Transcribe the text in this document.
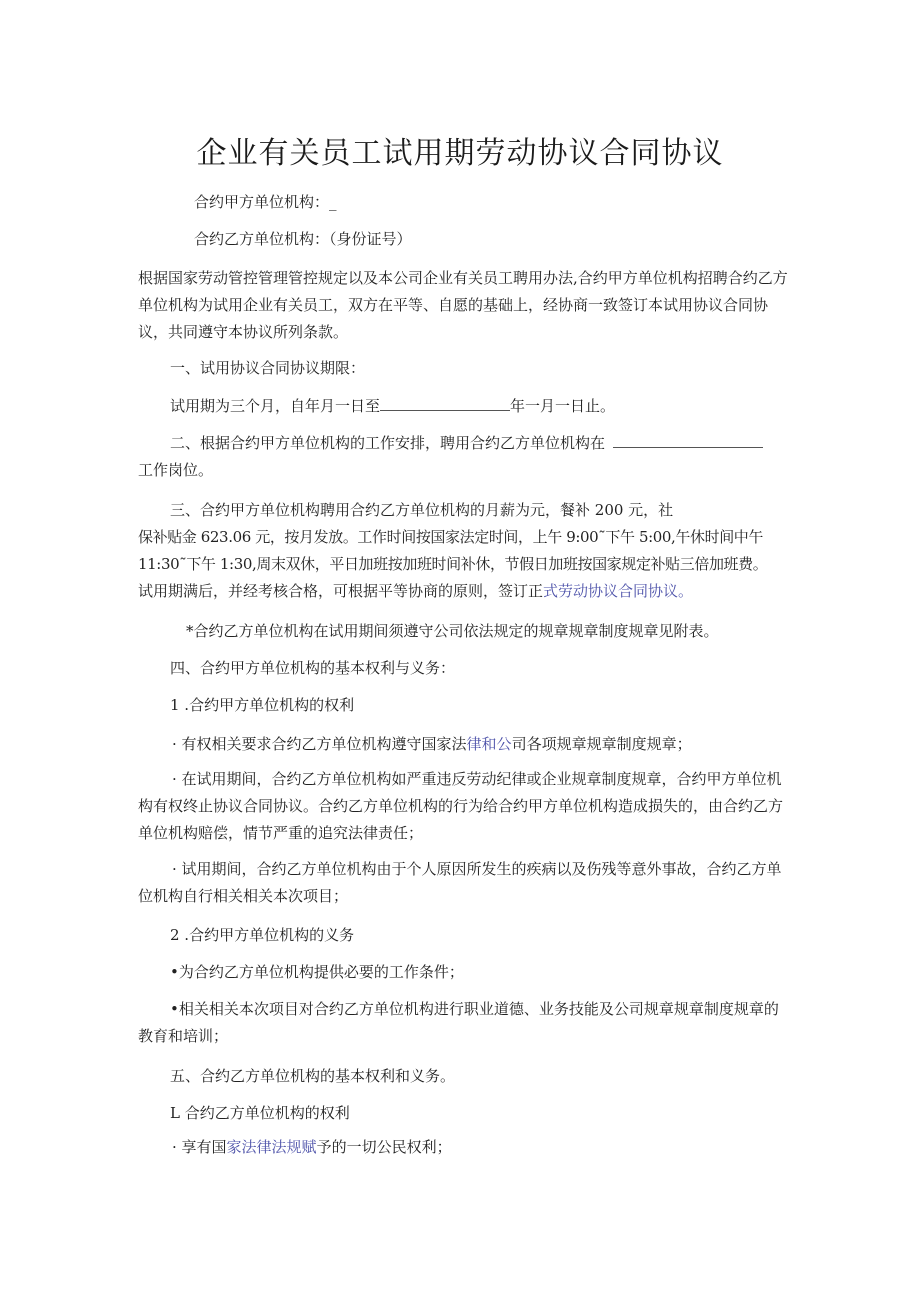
企业有关员工试用期劳动协议合同协议
合约甲方单位机构：_
合约乙方单位机构：（身份证号）
根据国家劳动管控管理管控规定以及本公司企业有关员工聘用办法,合约甲方单位机构招聘合约乙方单位机构为试用企业有关员工，双方在平等、自愿的基础上，经协商一致签订本试用协议合同协议，共同遵守本协议所列条款。
一、试用协议合同协议期限：
试用期为三个月，自年月一日至	年一月一日止。
二、根据合约甲方单位机构的工作安排，聘用合约乙方单位机构在
工作岗位。
三、合约甲方单位机构聘用合约乙方单位机构的月薪为元，餐补 200 元，社
保补贴金 623.06 元，按月发放。工作时间按国家法定时间，上午 9:00˜下午 5:00,午休时间中午
11:30˜下午 1:30,周末双休，平日加班按加班时间补休，节假日加班按国家规定补贴三倍加班费。
试用期满后，并经考核合格，可根据平等协商的原则，签订正式劳动协议合同协议。
*合约乙方单位机构在试用期间须遵守公司依法规定的规章规章制度规章见附表。
四、合约甲方单位机构的基本权利与义务：
1 .合约甲方单位机构的权利
· 有权相关要求合约乙方单位机构遵守国家法律和公司各项规章规章制度规章；
· 在试用期间，合约乙方单位机构如严重违反劳动纪律或企业规章制度规章，合约甲方单位机构有权终止协议合同协议。合约乙方单位机构的行为给合约甲方单位机构造成损失的，由合约乙方单位机构赔偿，情节严重的追究法律责任；
· 试用期间，合约乙方单位机构由于个人原因所发生的疾病以及伤残等意外事故，合约乙方单位机构自行相关相关本次项目；
2 .合约甲方单位机构的义务
•为合约乙方单位机构提供必要的工作条件；
•相关相关本次项目对合约乙方单位机构进行职业道德、业务技能及公司规章规章制度规章的教育和培训；
五、合约乙方单位机构的基本权利和义务。
L 合约乙方单位机构的权利
· 享有国家法律法规赋予的一切公民权利；
